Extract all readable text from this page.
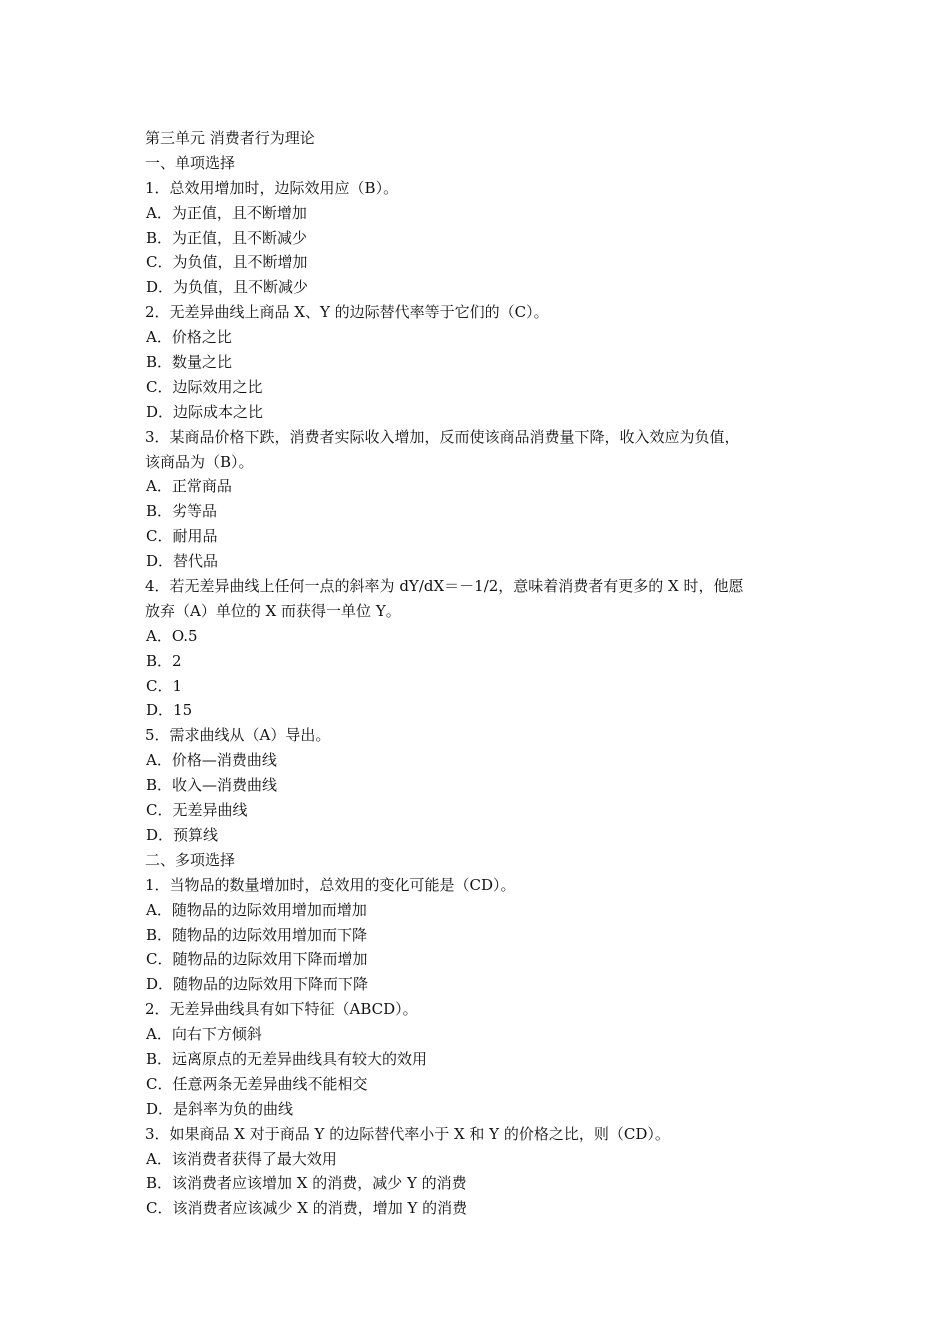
第三单元 消费者行为理论
一、单项选择
1．总效用增加时，边际效用应（B）。
A．为正值，且不断增加
B．为正值，且不断减少
C．为负值，且不断增加
D．为负值，且不断减少
2．无差异曲线上商品 X、Y 的边际替代率等于它们的（C）。
A．价格之比
B．数量之比
C．边际效用之比
D．边际成本之比
3．某商品价格下跌，消费者实际收入增加，反而使该商品消费量下降，收入效应为负值，
该商品为（B）。
A．正常商品
B．劣等品
C．耐用品
D．替代品
4．若无差异曲线上任何一点的斜率为 dY/dX＝－1/2，意味着消费者有更多的 X 时，他愿
放弃（A）单位的 X 而获得一单位 Y。
A．O.5
B．2
C．1
D．15
5．需求曲线从（A）导出。
A．价格—消费曲线
B．收入—消费曲线
C．无差异曲线
D．预算线
二、多项选择
1．当物品的数量增加时，总效用的变化可能是（CD）。
A．随物品的边际效用增加而增加
B．随物品的边际效用增加而下降
C．随物品的边际效用下降而增加
D．随物品的边际效用下降而下降
2．无差异曲线具有如下特征（ABCD）。
A．向右下方倾斜
B．远离原点的无差异曲线具有较大的效用
C．任意两条无差异曲线不能相交
D．是斜率为负的曲线
3．如果商品 X 对于商品 Y 的边际替代率小于 X 和 Y 的价格之比，则（CD）。
A．该消费者获得了最大效用
B．该消费者应该增加 X 的消费，减少 Y 的消费
C．该消费者应该减少 X 的消费，增加 Y 的消费
